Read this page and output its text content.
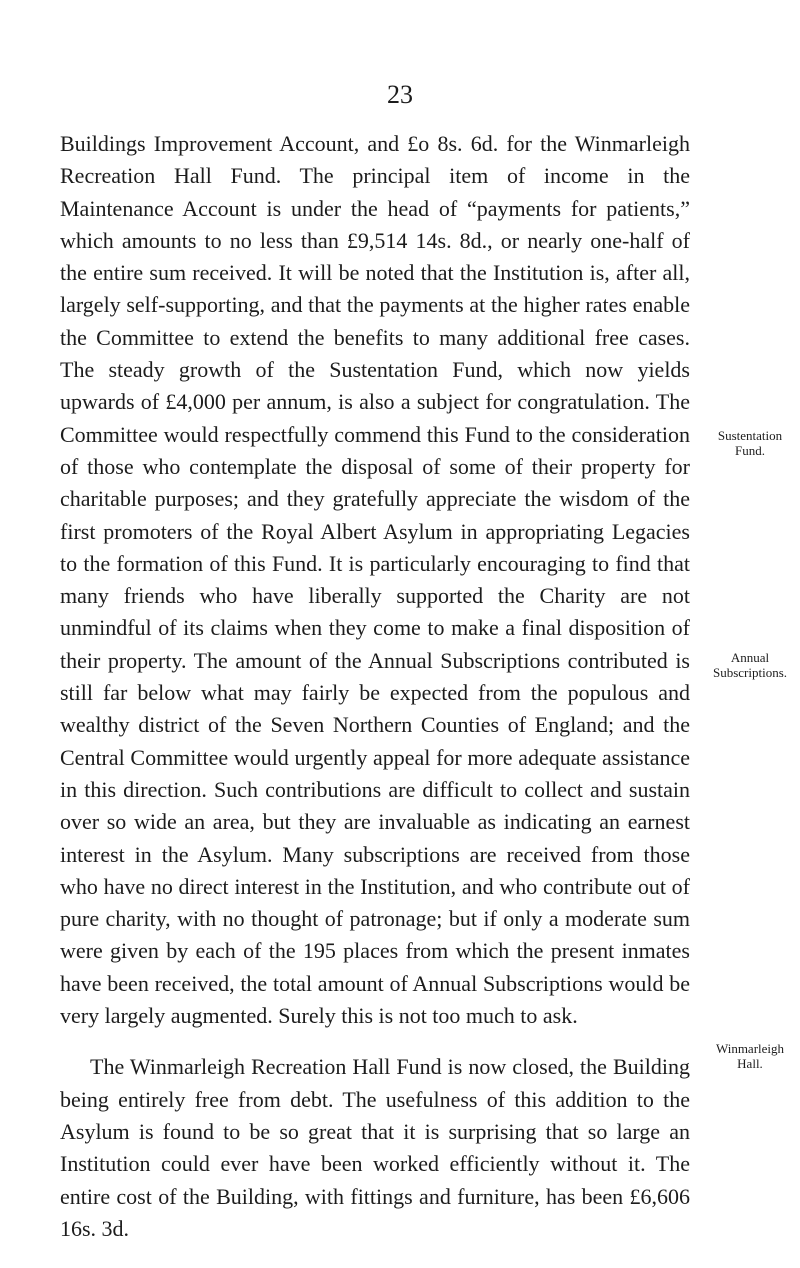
23

Buildings Improvement Account, and £o 8s. 6d. for the Winmarleigh Recreation Hall Fund. The principal item of income in the Maintenance Account is under the head of “payments for patients,” which amounts to no less than £9,514 14s. 8d., or nearly one-half of the entire sum received. It will be noted that the Institution is, after all, largely self-supporting, and that the payments at the higher rates enable the Committee to extend the benefits to many additional free cases. The steady growth of the Sustentation Fund, which now yields upwards of £4,000 per annum, is also a subject for congratulation. The Committee would respectfully commend this Fund to the consideration of those who contemplate the disposal of some of their property for charitable purposes; and they gratefully appreciate the wisdom of the first promoters of the Royal Albert Asylum in appropriating Legacies to the formation of this Fund. It is particularly encouraging to find that many friends who have liberally supported the Charity are not unmindful of its claims when they come to make a final disposition of their property. The amount of the Annual Subscriptions contributed is still far below what may fairly be expected from the populous and wealthy district of the Seven Northern Counties of England; and the Central Committee would urgently appeal for more adequate assistance in this direction. Such contributions are difficult to collect and sustain over so wide an area, but they are invaluable as indicating an earnest interest in the Asylum. Many subscriptions are received from those who have no direct interest in the Institution, and who contribute out of pure charity, with no thought of patronage; but if only a moderate sum were given by each of the 195 places from which the present inmates have been received, the total amount of Annual Subscriptions would be very largely augmented. Surely this is not too much to ask.

The Winmarleigh Recreation Hall Fund is now closed, the Building being entirely free from debt. The usefulness of this addition to the Asylum is found to be so great that it is surprising that so large an Institution could ever have been worked efficiently without it. The entire cost of the Building, with fittings and furniture, has been £6,606 16s. 3d.

Sustentation
Fund.
Annual
Subscriptions.
Winmarleigh
Hall.
